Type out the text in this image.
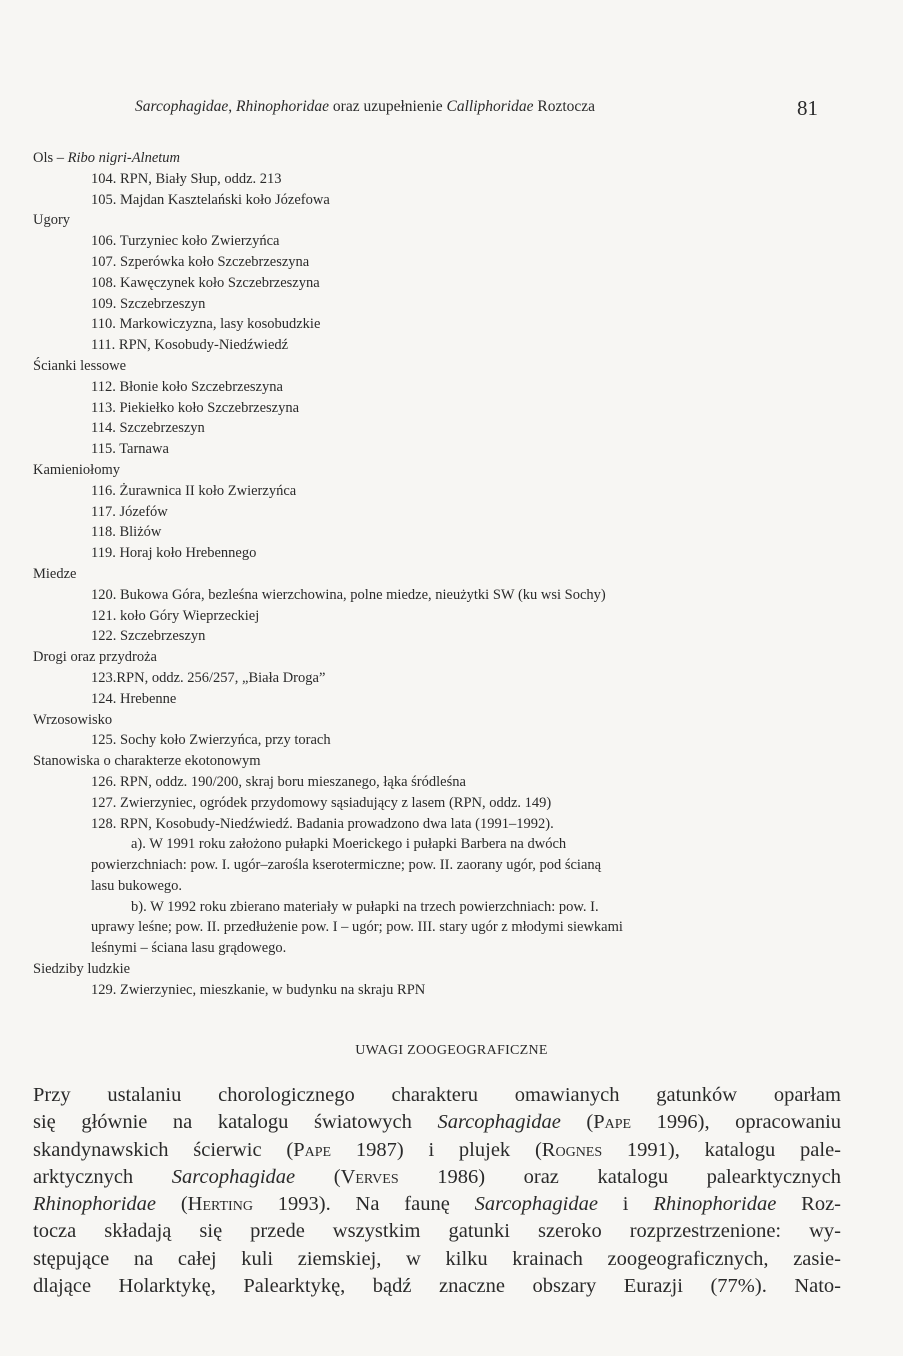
Sarcophagidae, Rhinophoridae oraz uzupełnienie Calliphoridae Roztocza	81
Ols – Ribo nigri-Alnetum
104. RPN, Biały Słup, oddz. 213
105. Majdan Kasztelański koło Józefowa
Ugory
106. Turzyniec koło Zwierzyńca
107. Szperówka koło Szczebrzeszyna
108. Kawęczynek koło Szczebrzeszyna
109. Szczebrzeszyn
110. Markowiczyzna, lasy kosobudzkie
111. RPN, Kosobudy-Niedźwiedź
Ścianki lessowe
112. Błonie koło Szczebrzeszyna
113. Piekiełko koło Szczebrzeszyna
114. Szczebrzeszyn
115. Tarnawa
Kamieniołomy
116. Żurawnica II koło Zwierzyńca
117. Józefów
118. Bliżów
119. Horaj koło Hrebennego
Miedze
120. Bukowa Góra, bezleśna wierzchowina, polne miedze, nieużytki SW (ku wsi Sochy)
121. koło Góry Wieprzeckiej
122. Szczebrzeszyn
Drogi oraz przydroża
123.RPN, oddz. 256/257, „Biała Droga”
124. Hrebenne
Wrzosowisko
125. Sochy koło Zwierzyńca, przy torach
Stanowiska o charakterze ekotonowym
126. RPN, oddz. 190/200, skraj boru mieszanego, łąka śródleśna
127. Zwierzyniec, ogródek przydomowy sąsiadujący z lasem (RPN, oddz. 149)
128. RPN, Kosobudy-Niedźwiedź. Badania prowadzono dwa lata (1991–1992).
a). W 1991 roku założono pułapki Moerickego i pułapki Barbera na dwóch
powierzchniach: pow. I. ugór–zarośla kserotermiczne; pow. II. zaorany ugór, pod ścianą
lasu bukowego.
b). W 1992 roku zbierano materiały w pułapki na trzech powierzchniach: pow. I.
uprawy leśne; pow. II. przedłużenie pow. I – ugór; pow. III. stary ugór z młodymi siewkami
leśnymi – ściana lasu grądowego.
Siedziby ludzkie
129. Zwierzyniec, mieszkanie, w budynku na skraju RPN
UWAGI ZOOGEOGRAFICZNE
Przy ustalaniu chorologicznego charakteru omawianych gatunków oparłam
się głównie na katalogu światowych Sarcophagidae (Pape 1996), opracowaniu
skandynawskich ścierwic (Pape 1987) i plujek (Rognes 1991), katalogu pale-
arktycznych Sarcophagidae (Verves 1986) oraz katalogu palearktycznych
Rhinophoridae (Herting 1993). Na faunę Sarcophagidae i Rhinophoridae Roz-
tocza składają się przede wszystkim gatunki szeroko rozprzestrzenione: wy-
stępujące na całej kuli ziemskiej, w kilku krainach zoogeograficznych, zasie-
dlające Holarktykę, Palearktykę, bądź znaczne obszary Eurazji (77%). Nato-
